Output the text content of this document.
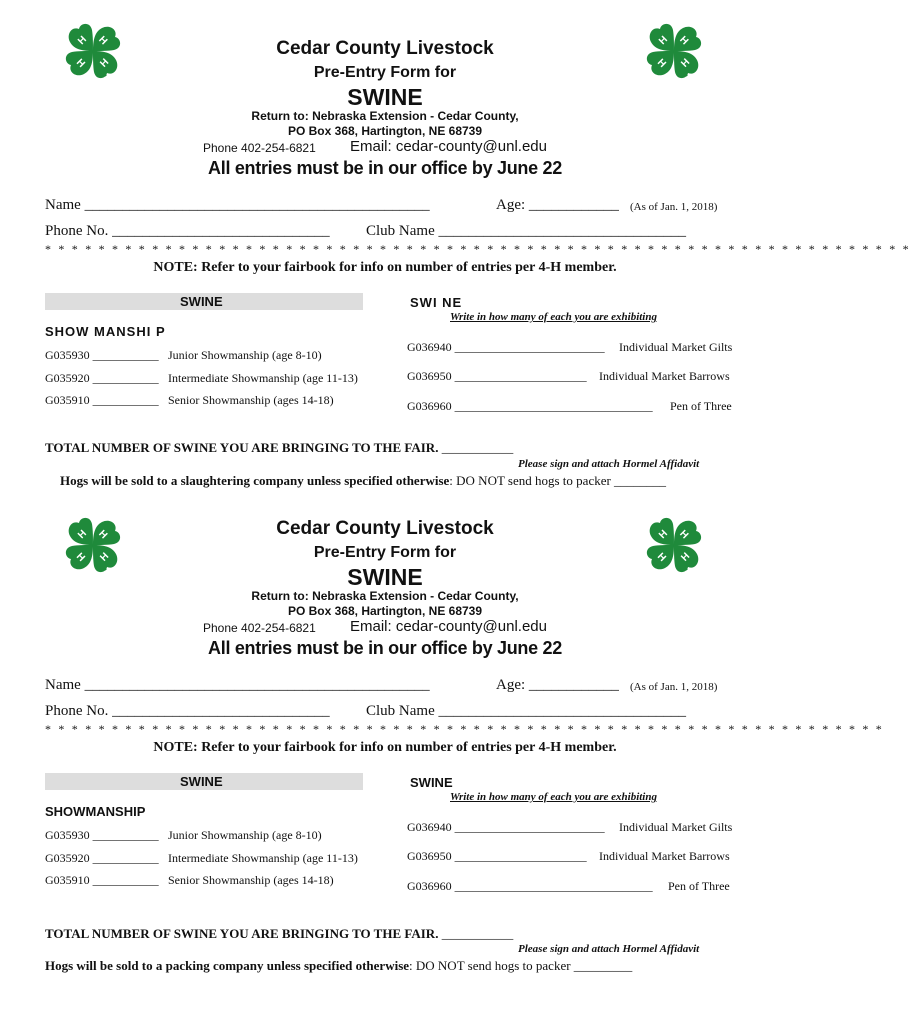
Cedar County Livestock
Pre-Entry Form for
SWINE
Return to: Nebraska Extension - Cedar County,
PO Box 368, Hartington, NE 68739
Phone 402-254-6821 Email: cedar-county@unl.edu
All entries must be in our office by June 22
Name ______________________________________________	Age: ____________ (As of Jan. 1, 2018)
Phone No. _____________________________ Club Name _________________________________
* * * * * * * * * * * * * * * * * * * * * * * * * * * * * * * * * * * * * * * * * * * * * * * * * * * * * * * * * * * * * * * * *
NOTE: Refer to your fairbook for info on number of entries per 4-H member.
SWINE	SWI NE
Write in how many of each you are exhibiting
SHOW MANSHI P
G035930 ___________ Junior Showmanship (age 8-10)
G035920 ___________ Intermediate Showmanship (age 11-13)
G035910 ___________ Senior Showmanship (ages 14-18)
G036940 _________________________ Individual Market Gilts
G036950 ______________________ Individual Market Barrows
G036960 _________________________________ Pen of Three
TOTAL NUMBER OF SWINE YOU ARE BRINGING TO THE FAIR. ___________
Please sign and attach Hormel Affidavit
Hogs will be sold to a slaughtering company unless specified otherwise: DO NOT send hogs to packer ________
Cedar County Livestock
Pre-Entry Form for
SWINE
Return to: Nebraska Extension - Cedar County,
PO Box 368, Hartington, NE 68739
Phone 402-254-6821 Email: cedar-county@unl.edu
All entries must be in our office by June 22
Name ______________________________________________	Age: ____________ (As of Jan. 1, 2018)
Phone No. _____________________________ Club Name _________________________________
* * * * * * * * * * * * * * * * * * * * * * * * * * * * * * * * * * * * * * * * * * * * * * * * * * * * * * * * * * * * * * *
NOTE: Refer to your fairbook for info on number of entries per 4-H member.
SWINE	SWINE
Write in how many of each you are exhibiting
SHOWMANSHIP
G035930 ___________ Junior Showmanship (age 8-10)
G035920 ___________ Intermediate Showmanship (age 11-13)
G035910 ___________ Senior Showmanship (ages 14-18)
G036940 _________________________ Individual Market Gilts
G036950 ______________________ Individual Market Barrows
G036960 _________________________________ Pen of Three
TOTAL NUMBER OF SWINE YOU ARE BRINGING TO THE FAIR. ___________
Please sign and attach Hormel Affidavit
Hogs will be sold to a packing company unless specified otherwise: DO NOT send hogs to packer _________
